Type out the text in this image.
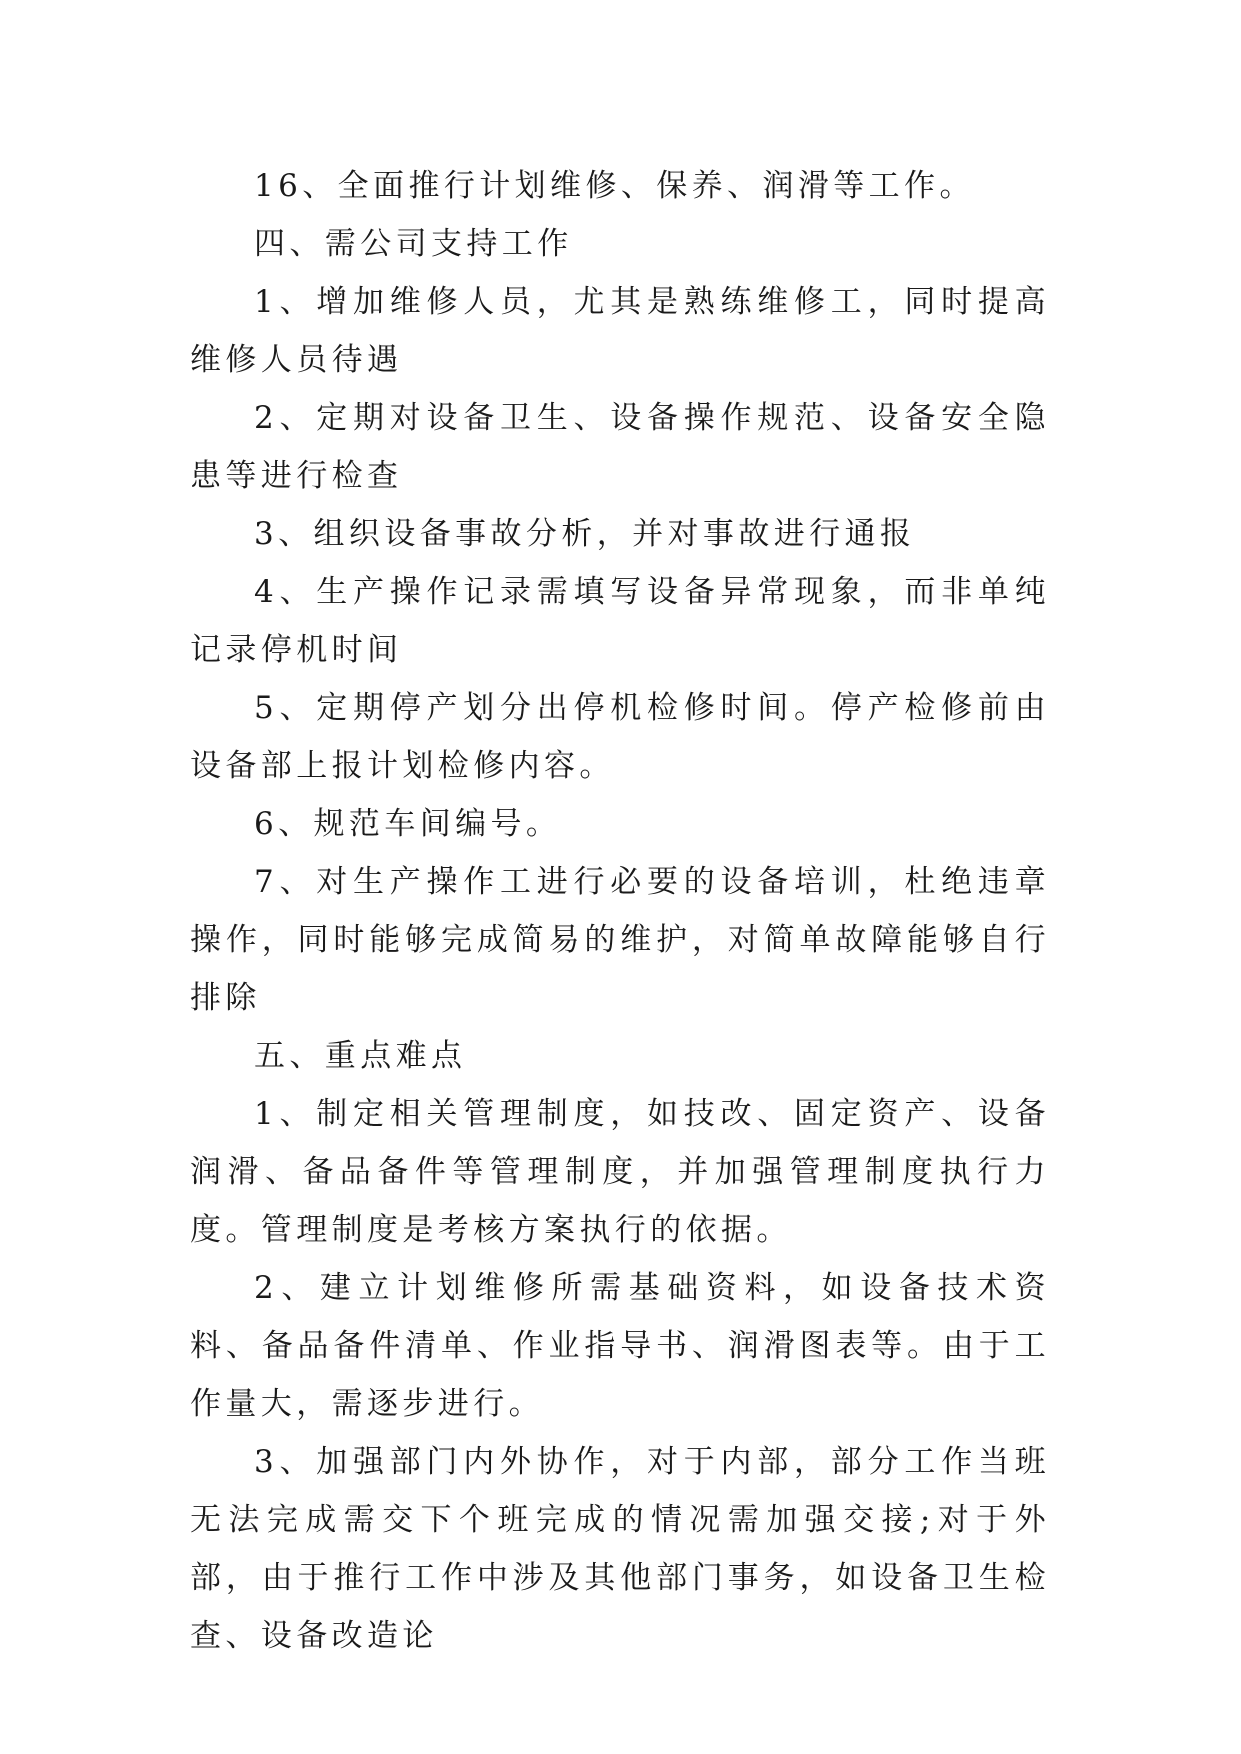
16、全面推行计划维修、保养、润滑等工作。

四、需公司支持工作

1、增加维修人员，尤其是熟练维修工，同时提高维修人员待遇

2、定期对设备卫生、设备操作规范、设备安全隐患等进行检查

3、组织设备事故分析，并对事故进行通报

4、生产操作记录需填写设备异常现象，而非单纯记录停机时间

5、定期停产划分出停机检修时间。停产检修前由设备部上报计划检修内容。

6、规范车间编号。

7、对生产操作工进行必要的设备培训，杜绝违章操作，同时能够完成简易的维护，对简单故障能够自行排除

五、重点难点

1、制定相关管理制度，如技改、固定资产、设备润滑、备品备件等管理制度，并加强管理制度执行力度。管理制度是考核方案执行的依据。

2、建立计划维修所需基础资料，如设备技术资料、备品备件清单、作业指导书、润滑图表等。由于工作量大，需逐步进行。

3、加强部门内外协作，对于内部，部分工作当班无法完成需交下个班完成的情况需加强交接;对于外部，由于推行工作中涉及其他部门事务，如设备卫生检查、设备改造论
